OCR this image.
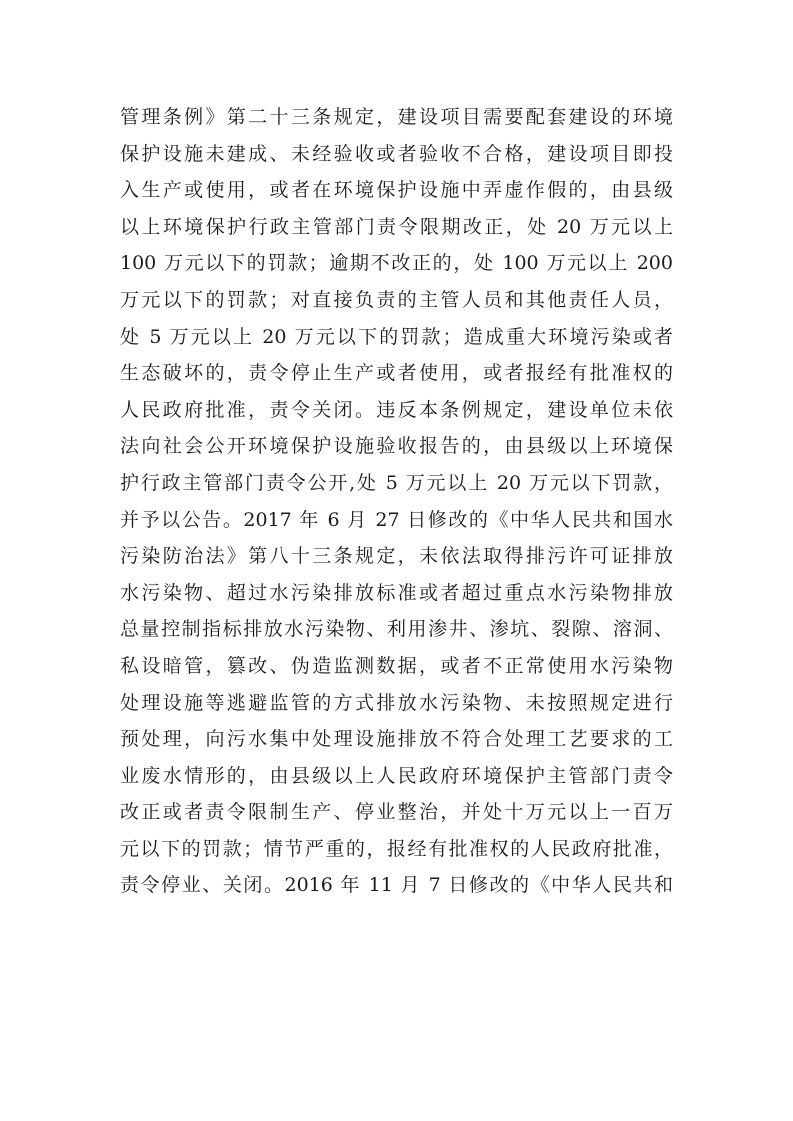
管理条例》第二十三条规定，建设项目需要配套建设的环境
保护设施未建成、未经验收或者验收不合格，建设项目即投
入生产或使用，或者在环境保护设施中弄虚作假的，由县级
以上环境保护行政主管部门责令限期改正，处 20 万元以上
100 万元以下的罚款；逾期不改正的，处 100 万元以上 200
万元以下的罚款；对直接负责的主管人员和其他责任人员，
处 5 万元以上 20 万元以下的罚款；造成重大环境污染或者
生态破坏的，责令停止生产或者使用，或者报经有批准权的
人民政府批准，责令关闭。违反本条例规定，建设单位未依
法向社会公开环境保护设施验收报告的，由县级以上环境保
护行政主管部门责令公开,处 5 万元以上 20 万元以下罚款，
并予以公告。2017 年 6 月 27 日修改的《中华人民共和国水
污染防治法》第八十三条规定，未依法取得排污许可证排放
水污染物、超过水污染排放标准或者超过重点水污染物排放
总量控制指标排放水污染物、利用渗井、渗坑、裂隙、溶洞、
私设暗管，篡改、伪造监测数据，或者不正常使用水污染物
处理设施等逃避监管的方式排放水污染物、未按照规定进行
预处理，向污水集中处理设施排放不符合处理工艺要求的工
业废水情形的，由县级以上人民政府环境保护主管部门责令
改正或者责令限制生产、停业整治，并处十万元以上一百万
元以下的罚款；情节严重的，报经有批准权的人民政府批准，
责令停业、关闭。2016 年 11 月 7 日修改的《中华人民共和
